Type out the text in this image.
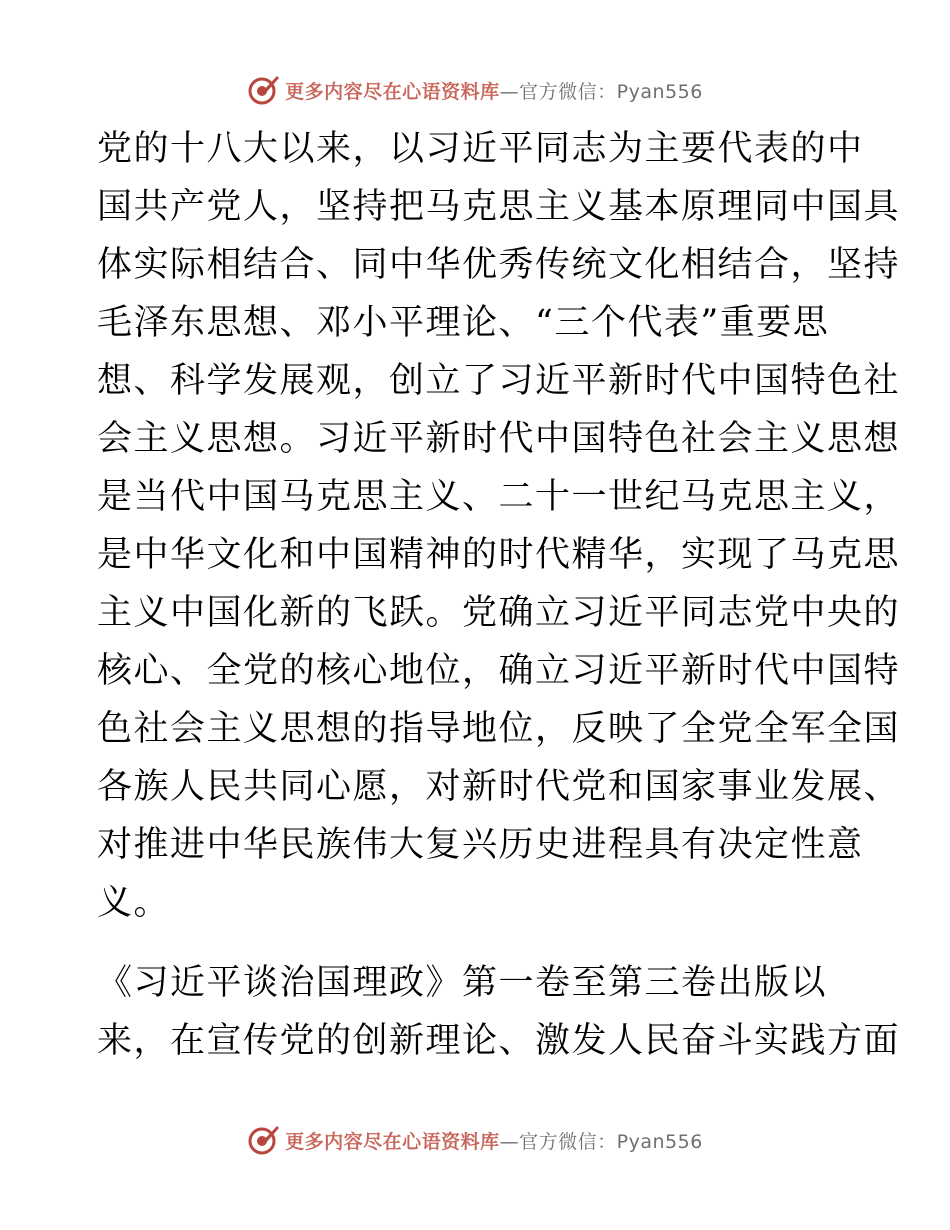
更多内容尽在心语资料库 —官方微信：Pyan556
党的十八大以来，以习近平同志为主要代表的中
国共产党人，坚持把马克思主义基本原理同中国具
体实际相结合、同中华优秀传统文化相结合，坚持
毛泽东思想、邓小平理论、“三个代表”重要思
想、科学发展观，创立了习近平新时代中国特色社
会主义思想。习近平新时代中国特色社会主义思想
是当代中国马克思主义、二十一世纪马克思主义，
是中华文化和中国精神的时代精华，实现了马克思
主义中国化新的飞跃。党确立习近平同志党中央的
核心、全党的核心地位，确立习近平新时代中国特
色社会主义思想的指导地位，反映了全党全军全国
各族人民共同心愿，对新时代党和国家事业发展、
对推进中华民族伟大复兴历史进程具有决定性意
义。
《习近平谈治国理政》第一卷至第三卷出版以
来，在宣传党的创新理论、激发人民奋斗实践方面
更多内容尽在心语资料库 —官方微信：Pyan556
